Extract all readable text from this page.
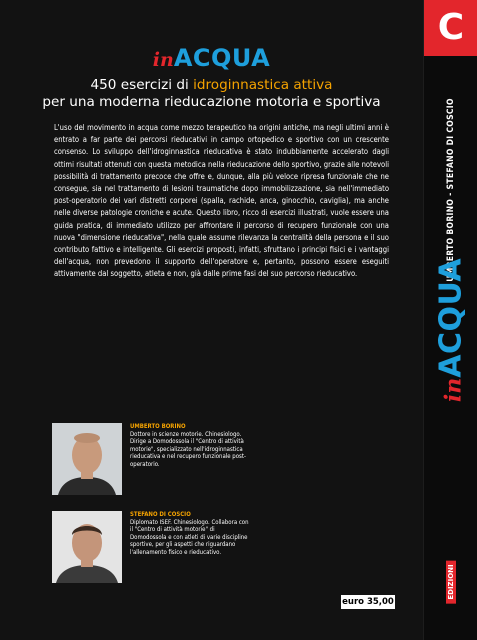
inACQUA
450 esercizi di idroginnastica attiva
per una moderna rieducazione motoria e sportiva
L'uso del movimento in acqua come mezzo terapeutico ha origini antiche, ma negli ultimi anni è entrato a far parte dei percorsi rieducativi in campo ortopedico e sportivo con un crescente consenso. Lo sviluppo dell'idroginnastica rieducativa è stato indubbiamente accelerato dagli ottimi risultati ottenuti con questa metodica nella rieducazione dello sportivo, grazie alle notevoli possibilità di trattamento precoce che offre e, dunque, alla più veloce ripresa funzionale che ne consegue, sia nel trattamento di lesioni traumatiche dopo immobilizzazione, sia nell'immediato post-operatorio dei vari distretti corporei (spalla, rachide, anca, ginocchio, caviglia), ma anche nelle diverse patologie croniche e acute. Questo libro, ricco di esercizi illustrati, vuole essere una guida pratica, di immediato utilizzo per affrontare il percorso di recupero funzionale con una nuova "dimensione rieducativa", nella quale assume rilevanza la centralità della persona e il suo contributo fattivo e intelligente. Gli esercizi proposti, infatti, sfruttano i principi fisici e i vantaggi dell'acqua, non prevedono il supporto dell'operatore e, pertanto, possono essere eseguiti attivamente dal soggetto, atleta e non, già dalle prime fasi del suo percorso rieducativo.
UMBERTO BORINO
Dottore in scienze motorie. Chinesiologo. Dirige a Domodossola il "Centro di attività motorie", specializzato nell'idroginnastica rieducativa e nel recupero funzionale post-operatorio.
STEFANO DI COSCIO
Diplomato ISEF. Chinesiologo. Collabora con il "Centro di attività motorie" di Domodossola e con atleti di varie discipline sportive, per gli aspetti che riguardano l'allenamento fisico e rieducativo.
euro 35,00
C
UMBERTO BORINO - STEFANO DI COSCIO
inACQUA
EDIZIONI
